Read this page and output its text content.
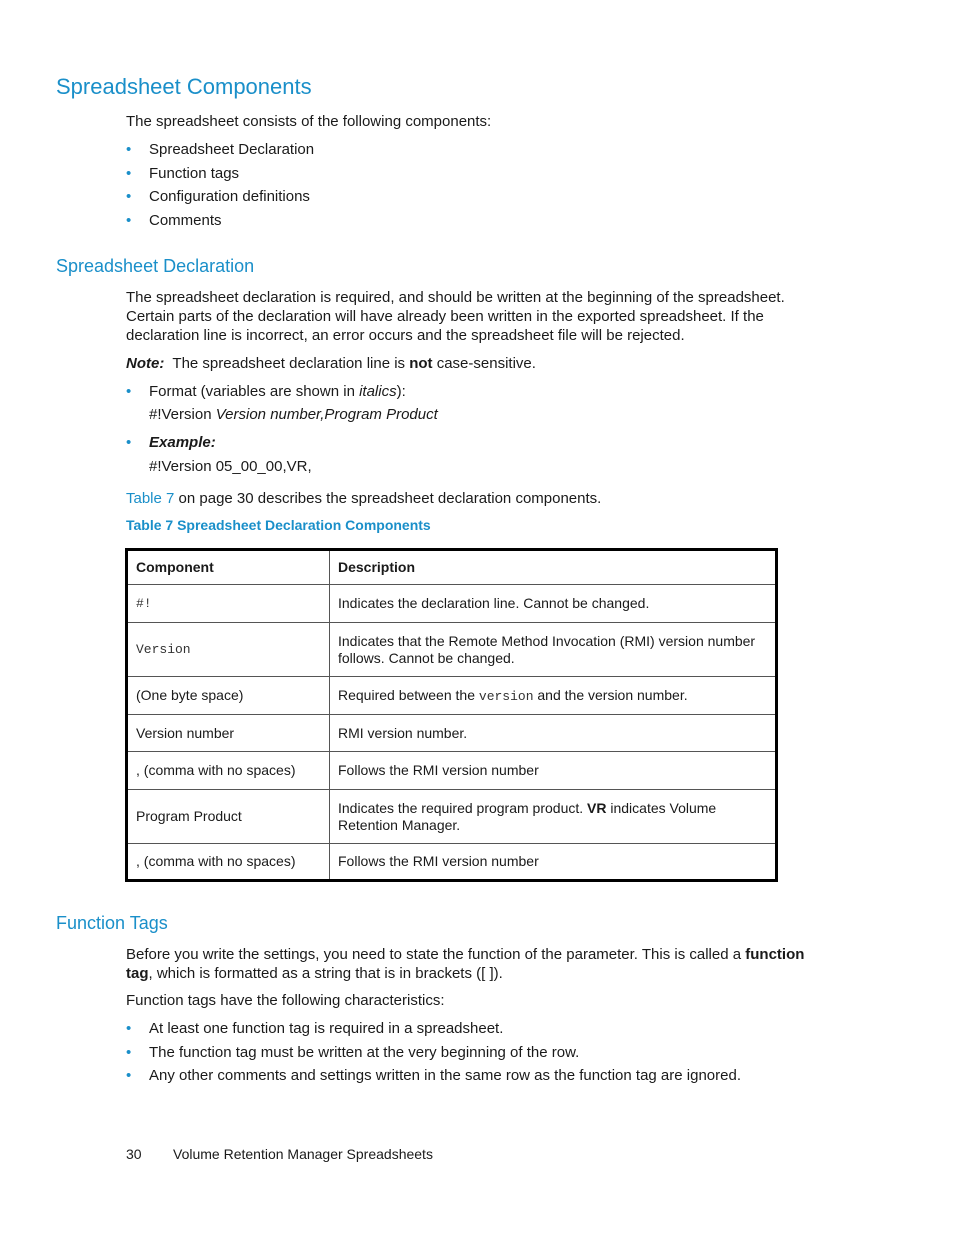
Spreadsheet Components
The spreadsheet consists of the following components:
• Spreadsheet Declaration
• Function tags
• Configuration definitions
• Comments
Spreadsheet Declaration
The spreadsheet declaration is required, and should be written at the beginning of the spreadsheet. Certain parts of the declaration will have already been written in the exported spreadsheet. If the declaration line is incorrect, an error occurs and the spreadsheet file will be rejected.
Note: The spreadsheet declaration line is not case-sensitive.
• Format (variables are shown in italics):
#!Version Version number,Program Product
• Example:
#!Version 05_00_00,VR,
Table 7 on page 30 describes the spreadsheet declaration components.
Table 7 Spreadsheet Declaration Components
Component	Description
#!	Indicates the declaration line. Cannot be changed.
Version	Indicates that the Remote Method Invocation (RMI) version number follows. Cannot be changed.
(One byte space)	Required between the version and the version number.
Version number	RMI version number.
, (comma with no spaces)	Follows the RMI version number
Program Product	Indicates the required program product. VR indicates Volume Retention Manager.
, (comma with no spaces)	Follows the RMI version number
Function Tags
Before you write the settings, you need to state the function of the parameter. This is called a function tag, which is formatted as a string that is in brackets ([ ]).
Function tags have the following characteristics:
• At least one function tag is required in a spreadsheet.
• The function tag must be written at the very beginning of the row.
• Any other comments and settings written in the same row as the function tag are ignored.
30 Volume Retention Manager Spreadsheets
